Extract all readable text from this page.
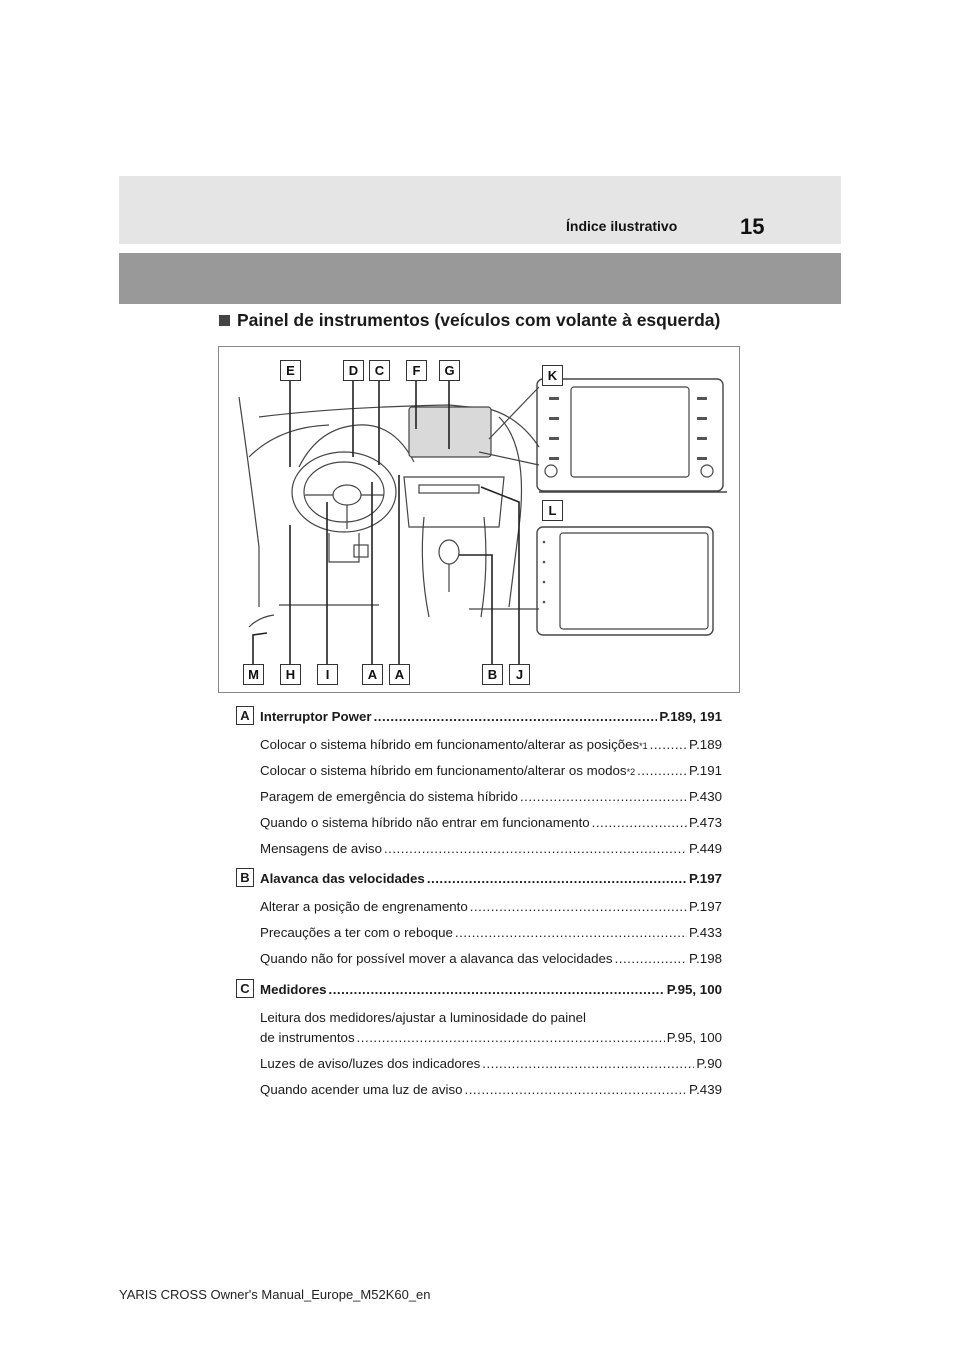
Índice ilustrativo	15
Painel de instrumentos (veículos com volante à esquerda)
E	D	C	F	G	K
L
M	H	I	A	A	B	J
A Interruptor Power .....	P.189, 191
Colocar o sistema híbrido em funcionamento/alterar as posições *1 .....	P.189
Colocar o sistema híbrido em funcionamento/alterar os modos *2 .....	P.191
Paragem de emergência do sistema híbrido .....	P.430
Quando o sistema híbrido não entrar em funcionamento .....	P.473
Mensagens de aviso .....	P.449
B Alavanca das velocidades .....	P.197
Alterar a posição de engrenamento .....	P.197
Precauções a ter com o reboque .....	P.433
Quando não for possível mover a alavanca das velocidades .....	P.198
C Medidores .....	P.95, 100
Leitura dos medidores/ajustar a luminosidade do painel
de instrumentos .....	P.95, 100
Luzes de aviso/luzes dos indicadores .....	P.90
Quando acender uma luz de aviso .....	P.439
YARIS CROSS Owner's Manual_Europe_M52K60_en
